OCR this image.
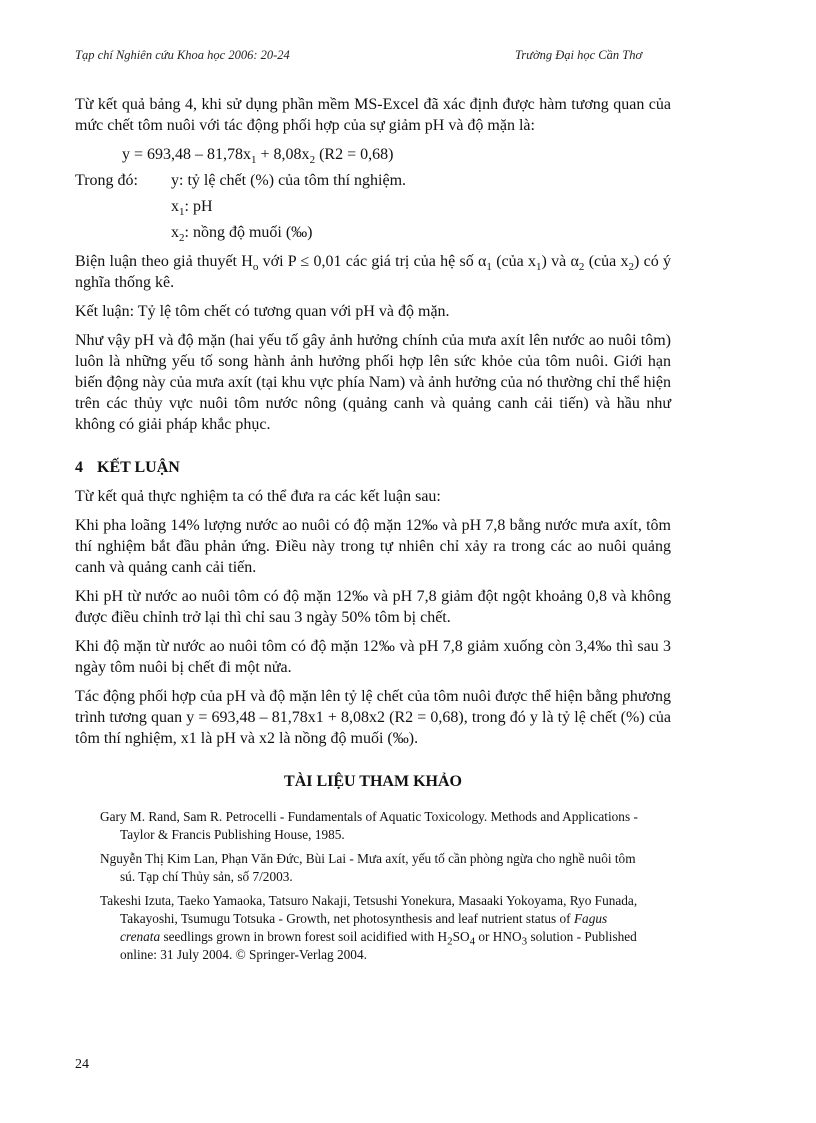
Tạp chí Nghiên cứu Khoa học 2006: 20-24	Trường Đại học Cần Thơ

Từ kết quả bảng 4, khi sử dụng phần mềm MS-Excel đã xác định được hàm tương quan của mức chết tôm nuôi với tác động phối hợp của sự giảm pH và độ mặn là:

$y = 693,48 - 81,78x_1 + 8,08x_2$ (R2 = 0,68)
Trong đó:	y: tỷ lệ chết (%) của tôm thí nghiệm.
$x_1$: pH
$x_2$: nồng độ muối (‰)

Biện luận theo giả thuyết $H_o$ với P ≤ 0,01 các giá trị của hệ số $\alpha_1$ (của $x_1$) và $\alpha_2$ (của $x_2$) có ý nghĩa thống kê.

Kết luận: Tỷ lệ tôm chết có tương quan với pH và độ mặn.

Như vậy pH và độ mặn (hai yếu tố gây ảnh hưởng chính của mưa axít lên nước ao nuôi tôm) luôn là những yếu tố song hành ảnh hưởng phối hợp lên sức khỏe của tôm nuôi. Giới hạn biến động này của mưa axít (tại khu vực phía Nam) và ảnh hưởng của nó thường chỉ thể hiện trên các thủy vực nuôi tôm nước nông (quảng canh và quảng canh cải tiến) và hầu như không có giải pháp khắc phục.

4 KẾT LUẬN

Từ kết quả thực nghiệm ta có thể đưa ra các kết luận sau:

Khi pha loãng 14% lượng nước ao nuôi có độ mặn 12‰ và pH 7,8 bằng nước mưa axít, tôm thí nghiệm bắt đầu phản ứng. Điều này trong tự nhiên chỉ xảy ra trong các ao nuôi quảng canh và quảng canh cải tiến.

Khi pH từ nước ao nuôi tôm có độ mặn 12‰ và pH 7,8 giảm đột ngột khoảng 0,8 và không được điều chỉnh trở lại thì chỉ sau 3 ngày 50% tôm bị chết.

Khi độ mặn từ nước ao nuôi tôm có độ mặn 12‰ và pH 7,8 giảm xuống còn 3,4‰ thì sau 3 ngày tôm nuôi bị chết đi một nửa.

Tác động phối hợp của pH và độ mặn lên tỷ lệ chết của tôm nuôi được thể hiện bằng phương trình tương quan y = 693,48 – 81,78x1 + 8,08x2 (R2 = 0,68), trong đó y là tỷ lệ chết (%) của tôm thí nghiệm, x1 là pH và x2 là nồng độ muối (‰).

TÀI LIỆU THAM KHẢO
Gary M. Rand, Sam R. Petrocelli - Fundamentals of Aquatic Toxicology. Methods and Applications - Taylor & Francis Publishing House, 1985.
Nguyễn Thị Kim Lan, Phạn Văn Đức, Bùi Lai - Mưa axít, yếu tố cần phòng ngừa cho nghề nuôi tôm sú. Tạp chí Thủy sản, số 7/2003.
Takeshi Izuta, Taeko Yamaoka, Tatsuro Nakaji, Tetsushi Yonekura, Masaaki Yokoyama, Ryo Funada, Takayoshi, Tsumugu Totsuka - Growth, net photosynthesis and leaf nutrient status of Fagus crenata seedlings grown in brown forest soil acidified with $H_2SO_4$ or $HNO_3$ solution - Published online: 31 July 2004. © Springer-Verlag 2004.
24
